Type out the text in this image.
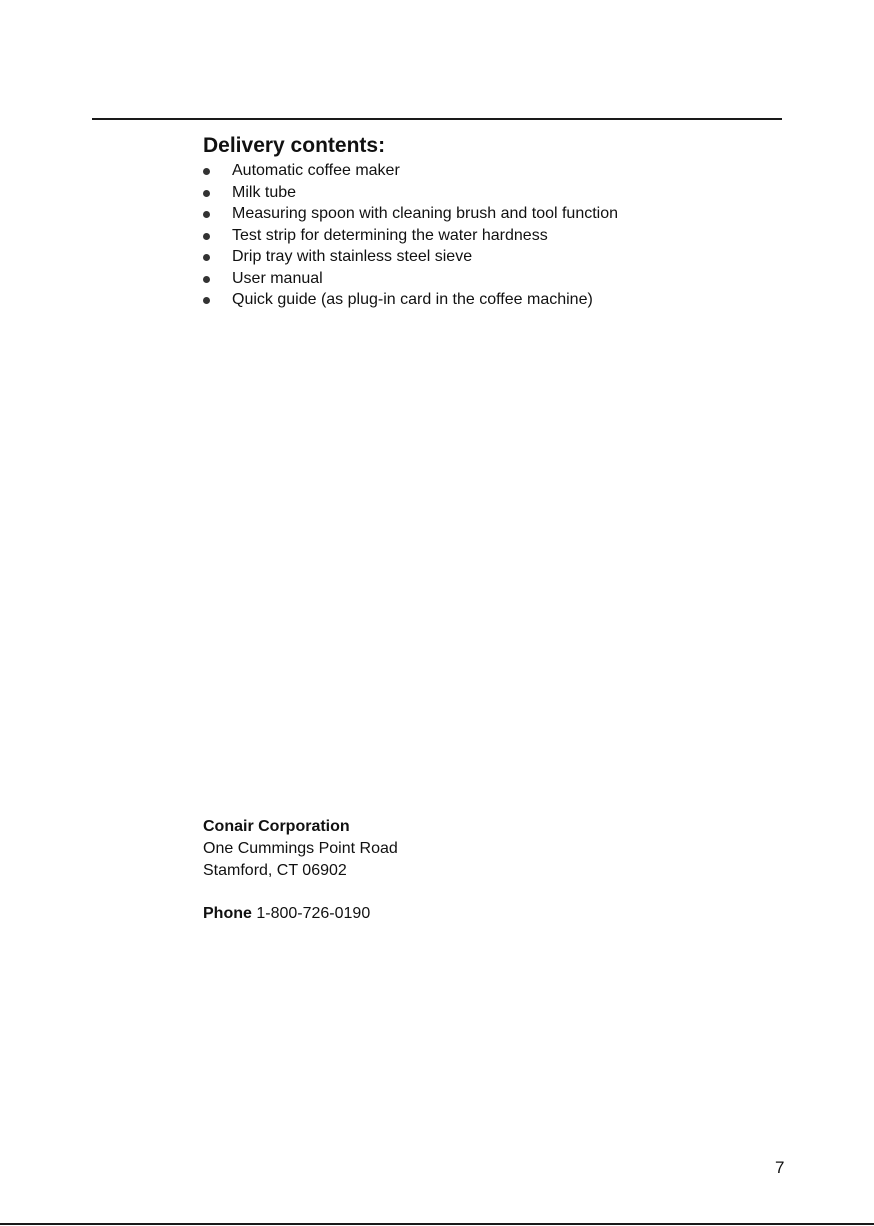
Delivery contents:
Automatic coffee maker
Milk tube
Measuring spoon with cleaning brush and tool function
Test strip for determining the water hardness
Drip tray with stainless steel sieve
User manual
Quick guide (as plug-in card in the coffee machine)
Conair Corporation
One Cummings Point Road
Stamford, CT 06902
Phone 1-800-726-0190
7
